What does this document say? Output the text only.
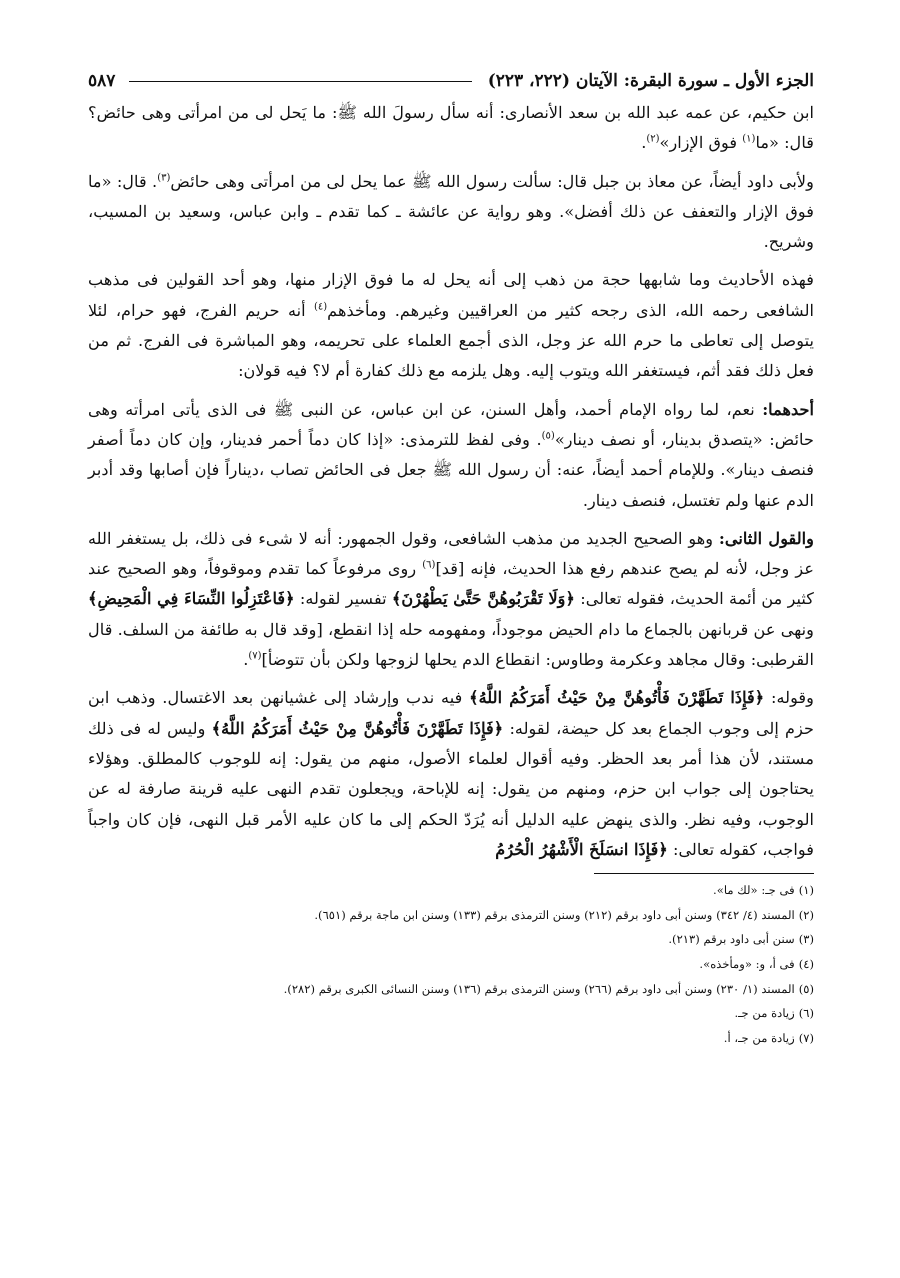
الجزء الأول ـ سورة البقرة: الآيتان (٢٢٢، ٢٢٣)
٥٨٧

ابن حكيم، عن عمه عبد الله بن سعد الأنصارى: أنه سأل رسولَ الله ﷺ: ما يَحل لى من امرأتى وهى حائض؟ قال: «ما$^{(١)}$ فوق الإزار»$^{(٢)}$.

ولأبى داود أيضاً، عن معاذ بن جبل قال: سألت رسول الله ﷺ عما يحل لى من امرأتى وهى حائض$^{(٣)}$. قال: «ما فوق الإزار والتعفف عن ذلك أفضل». وهو رواية عن عائشة ـ كما تقدم ـ وابن عباس، وسعيد بن المسيب، وشريح.

فهذه الأحاديث وما شابهها حجة من ذهب إلى أنه يحل له ما فوق الإزار منها، وهو أحد القولين فى مذهب الشافعى رحمه الله، الذى رجحه كثير من العراقيين وغيرهم. ومأخذهم$^{(٤)}$ أنه حريم الفرج، فهو حرام، لئلا يتوصل إلى تعاطى ما حرم الله عز وجل، الذى أجمع العلماء على تحريمه، وهو المباشرة فى الفرج. ثم من فعل ذلك فقد أثم، فيستغفر الله ويتوب إليه. وهل يلزمه مع ذلك كفارة أم لا؟ فيه قولان:

أحدهما: نعم، لما رواه الإمام أحمد، وأهل السنن، عن ابن عباس، عن النبى ﷺ فى الذى يأتى امرأته وهى حائض: «يتصدق بدينار، أو نصف دينار»$^{(٥)}$. وفى لفظ للترمذى: «إذا كان دماً أحمر فدينار، وإن كان دماً أصفر فنصف دينار». وللإمام أحمد أيضاً، عنه: أن رسول الله ﷺ جعل فى الحائض تصاب ،ديناراً فإن أصابها وقد أدبر الدم عنها ولم تغتسل، فنصف دينار.

والقول الثانى: وهو الصحيح الجديد من مذهب الشافعى، وقول الجمهور: أنه لا شىء فى ذلك، بل يستغفر الله عز وجل، لأنه لم يصح عندهم رفع هذا الحديث، فإنه [قد]$^{(٦)}$ روى مرفوعاً كما تقدم وموقوفاً، وهو الصحيح عند كثير من أئمة الحديث، فقوله تعالى: ﴿وَلَا تَقْرَبُوهُنَّ حَتَّىٰ يَطْهُرْنَ﴾ تفسير لقوله: ﴿فَاعْتَزِلُوا النِّسَاءَ فِي الْمَحِيضِ﴾ ونهى عن قربانهن بالجماع ما دام الحيض موجوداً، ومفهومه حله إذا انقطع، [وقد قال به طائفة من السلف. قال القرطبى: وقال مجاهد وعكرمة وطاوس: انقطاع الدم يحلها لزوجها ولكن بأن تتوضأ]$^{(٧)}$.

وقوله: ﴿فَإِذَا تَطَهَّرْنَ فَأْتُوهُنَّ مِنْ حَيْثُ أَمَرَكُمُ اللَّهُ﴾ فيه ندب وإرشاد إلى غشيانهن بعد الاغتسال. وذهب ابن حزم إلى وجوب الجماع بعد كل حيضة، لقوله: ﴿فَإِذَا تَطَهَّرْنَ فَأْتُوهُنَّ مِنْ حَيْثُ أَمَرَكُمُ اللَّهُ﴾ وليس له فى ذلك مستند، لأن هذا أمر بعد الحظر. وفيه أقوال لعلماء الأصول، منهم من يقول: إنه للوجوب كالمطلق. وهؤلاء يحتاجون إلى جواب ابن حزم، ومنهم من يقول: إنه للإباحة، ويجعلون تقدم النهى عليه قرينة صارفة له عن الوجوب، وفيه نظر. والذى ينهض عليه الدليل أنه يُرَدّ الحكم إلى ما كان عليه الأمر قبل النهى، فإن كان واجباً فواجب، كقوله تعالى: ﴿فَإِذَا انسَلَخَ الْأَشْهُرُ الْحُرُمُ

(١)فى جـ: «لك ما».
(٢)المسند (٤/ ٣٤٢) وسنن أبى داود برقم (٢١٢) وسنن الترمذى برقم (١٣٣) وسنن ابن ماجة برقم (٦٥١).
(٣)سنن أبى داود برقم (٢١٣).
(٤)فى أ، و: «ومأخذه».
(٥)المسند (١/ ٢٣٠) وسنن أبى داود برقم (٢٦٦) وسنن الترمذى برقم (١٣٦) وسنن النسائى الكبرى برقم (٢٨٢).
(٦)زيادة من جـ.
(٧)زيادة من جـ، أ.
